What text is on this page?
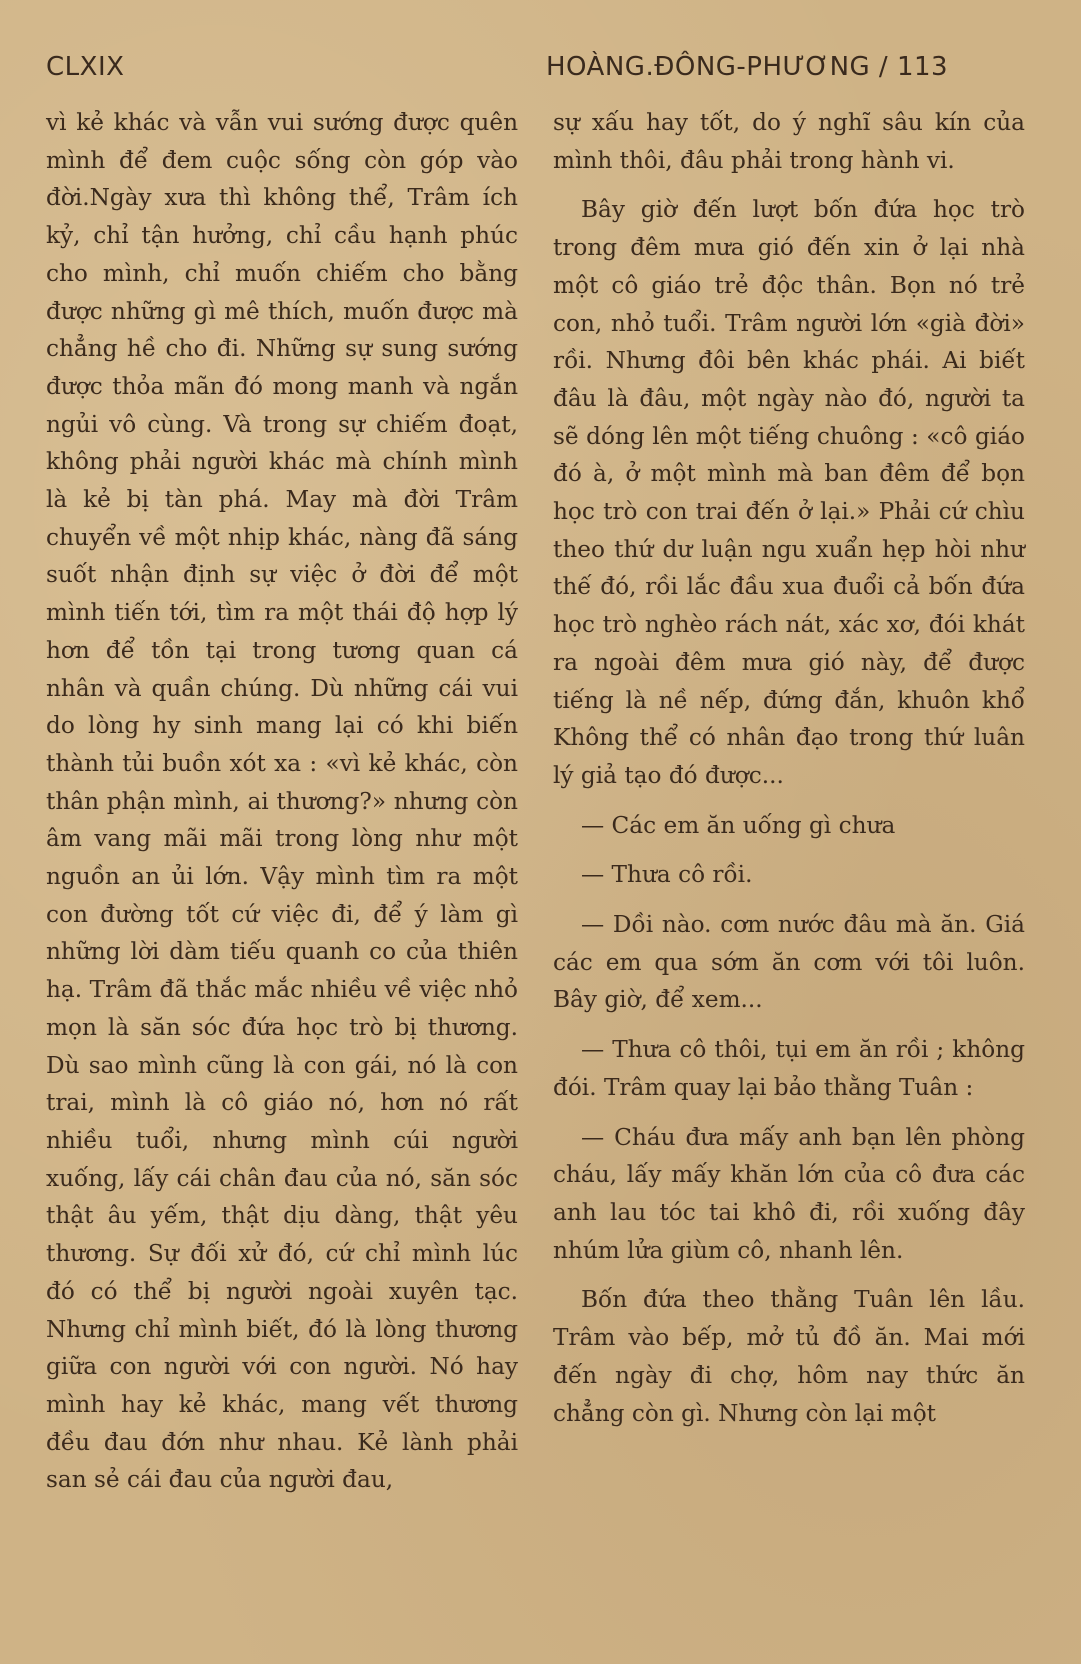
CLXIX	HOÀNG.ĐÔNG-PHƯƠNG / 113

vì kẻ khác và vẫn vui sướng được quên mình để đem cuộc sống còn góp vào đời.Ngày xưa thì không thể, Trâm ích kỷ, chỉ tận hưởng, chỉ cầu hạnh phúc cho mình, chỉ muốn chiếm cho bằng được những gì mê thích, muốn được mà chẳng hề cho đi. Những sự sung sướng được thỏa mãn đó mong manh và ngắn ngủi vô cùng. Và trong sự chiếm đoạt, không phải người khác mà chính mình là kẻ bị tàn phá. May mà đời Trâm chuyển về một nhịp khác, nàng đã sáng suốt nhận định sự việc ở đời để một mình tiến tới, tìm ra một thái độ hợp lý hơn để tồn tại trong tương quan cá nhân và quần chúng. Dù những cái vui do lòng hy sinh mang lại có khi biến thành tủi buồn xót xa : «vì kẻ khác, còn thân phận mình, ai thương?» nhưng còn âm vang mãi mãi trong lòng như một nguồn an ủi lớn. Vậy mình tìm ra một con đường tốt cứ việc đi, để ý làm gì những lời dàm tiếu quanh co của thiên hạ. Trâm đã thắc mắc nhiều về việc nhỏ mọn là săn sóc đứa học trò bị thương. Dù sao mình cũng là con gái, nó là con trai, mình là cô giáo nó, hơn nó rất nhiều tuổi, nhưng mình cúi người xuống, lấy cái chân đau của nó, săn sóc thật âu yếm, thật dịu dàng, thật yêu thương. Sự đối xử đó, cứ chỉ mình lúc đó có thể bị người ngoài xuyên tạc. Nhưng chỉ mình biết, đó là lòng thương giữa con người với con người. Nó hay mình hay kẻ khác, mang vết thương đều đau đớn như nhau. Kẻ lành phải san sẻ cái đau của người đau,

sự xấu hay tốt, do ý nghĩ sâu kín của mình thôi, đâu phải trong hành vi.

Bây giờ đến lượt bốn đứa học trò trong đêm mưa gió đến xin ở lại nhà một cô giáo trẻ độc thân. Bọn nó trẻ con, nhỏ tuổi. Trâm người lớn «già đời» rồi. Nhưng đôi bên khác phái. Ai biết đâu là đâu, một ngày nào đó, người ta sẽ dóng lên một tiếng chuông : «cô giáo đó à, ở một mình mà ban đêm để bọn học trò con trai đến ở lại.» Phải cứ chìu theo thứ dư luận ngu xuẩn hẹp hòi như thế đó, rồi lắc đầu xua đuổi cả bốn đứa học trò nghèo rách nát, xác xơ, đói khát ra ngoài đêm mưa gió này, để được tiếng là nề nếp, đứng đắn, khuôn khổ Không thể có nhân đạo trong thứ luân lý giả tạo đó được...

— Các em ăn uống gì chưa

— Thưa cô rồi.

— Dồi nào. cơm nước đâu mà ăn. Giá các em qua sớm ăn cơm với tôi luôn. Bây giờ, để xem...

— Thưa cô thôi, tụi em ăn rồi ; không đói. Trâm quay lại bảo thằng Tuân :

— Cháu đưa mấy anh bạn lên phòng cháu, lấy mấy khăn lớn của cô đưa các anh lau tóc tai khô đi, rồi xuống đây nhúm lửa giùm cô, nhanh lên.

Bốn đứa theo thằng Tuân lên lầu. Trâm vào bếp, mở tủ đồ ăn. Mai mới đến ngày đi chợ, hôm nay thức ăn chẳng còn gì. Nhưng còn lại một
